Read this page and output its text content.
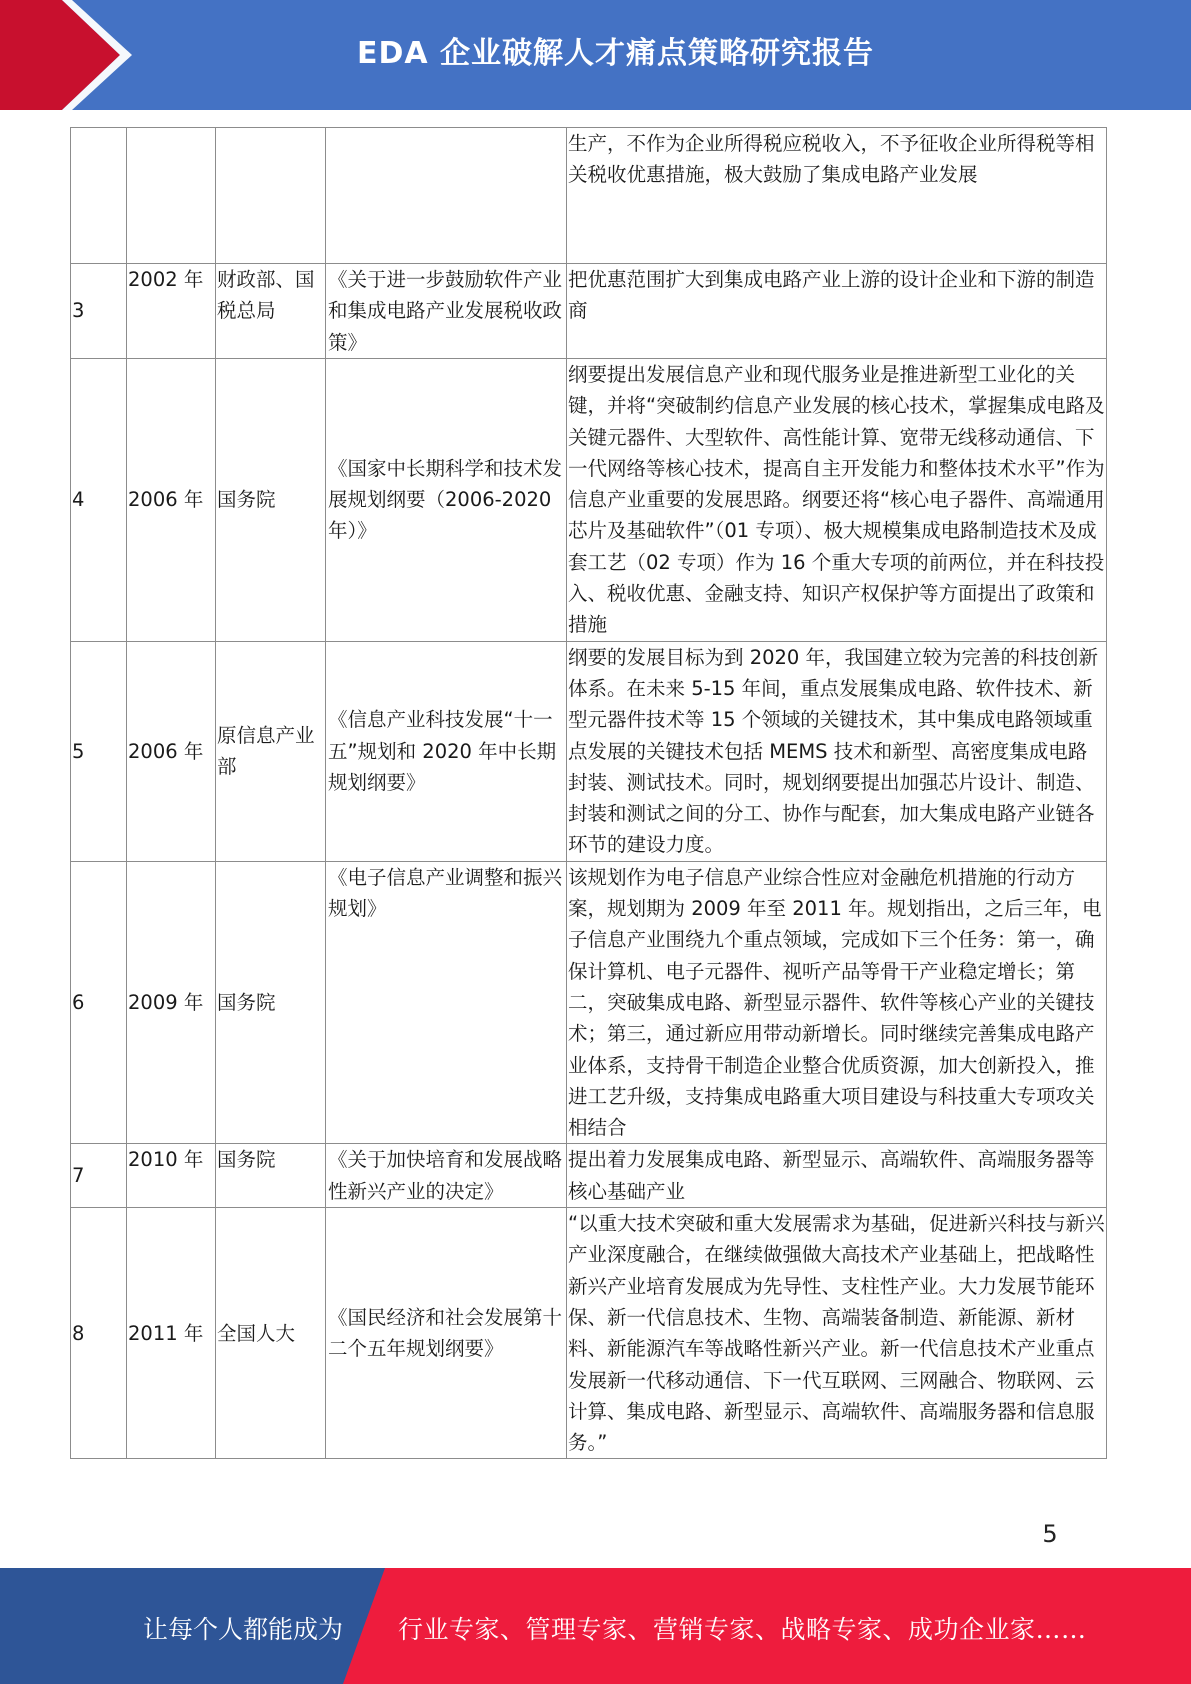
EDA 企业破解人才痛点策略研究报告
				生产，不作为企业所得税应税收入，不予征收企业所得税等相关税收优惠措施，极大鼓励了集成电路产业发展
3	2002 年	财政部、国税总局	《关于进一步鼓励软件产业和集成电路产业发展税收政策》	把优惠范围扩大到集成电路产业上游的设计企业和下游的制造商
4	2006 年	国务院	《国家中长期科学和技术发展规划纲要（2006-2020 年）》	纲要提出发展信息产业和现代服务业是推进新型工业化的关键，并将“突破制约信息产业发展的核心技术，掌握集成电路及关键元器件、大型软件、高性能计算、宽带无线移动通信、下一代网络等核心技术，提高自主开发能力和整体技术水平”作为信息产业重要的发展思路。纲要还将“核心电子器件、高端通用芯片及基础软件”（01 专项）、极大规模集成电路制造技术及成套工艺（02 专项）作为 16 个重大专项的前两位，并在科技投入、税收优惠、金融支持、知识产权保护等方面提出了政策和措施
5	2006 年	原信息产业部	《信息产业科技发展“十一五”规划和 2020 年中长期规划纲要》	纲要的发展目标为到 2020 年，我国建立较为完善的科技创新体系。在未来 5-15 年间，重点发展集成电路、软件技术、新型元器件技术等 15 个领域的关键技术，其中集成电路领域重点发展的关键技术包括 MEMS 技术和新型、高密度集成电路封装、测试技术。同时，规划纲要提出加强芯片设计、制造、封装和测试之间的分工、协作与配套，加大集成电路产业链各环节的建设力度。
6	2009 年	国务院	《电子信息产业调整和振兴规划》	该规划作为电子信息产业综合性应对金融危机措施的行动方案，规划期为 2009 年至 2011 年。规划指出，之后三年，电子信息产业围绕九个重点领域，完成如下三个任务：第一，确保计算机、电子元器件、视听产品等骨干产业稳定增长；第二，突破集成电路、新型显示器件、软件等核心产业的关键技术；第三，通过新应用带动新增长。同时继续完善集成电路产业体系，支持骨干制造企业整合优质资源，加大创新投入，推进工艺升级，支持集成电路重大项目建设与科技重大专项攻关相结合
7	2010 年	国务院	《关于加快培育和发展战略性新兴产业的决定》	提出着力发展集成电路、新型显示、高端软件、高端服务器等核心基础产业
8	2011 年	全国人大	《国民经济和社会发展第十二个五年规划纲要》	“以重大技术突破和重大发展需求为基础，促进新兴科技与新兴产业深度融合，在继续做强做大高技术产业基础上，把战略性新兴产业培育发展成为先导性、支柱性产业。大力发展节能环保、新一代信息技术、生物、高端装备制造、新能源、新材料、新能源汽车等战略性新兴产业。新一代信息技术产业重点发展新一代移动通信、下一代互联网、三网融合、物联网、云计算、集成电路、新型显示、高端软件、高端服务器和信息服务。”
5
让每个人都能成为 行业专家、管理专家、营销专家、战略专家、成功企业家……
